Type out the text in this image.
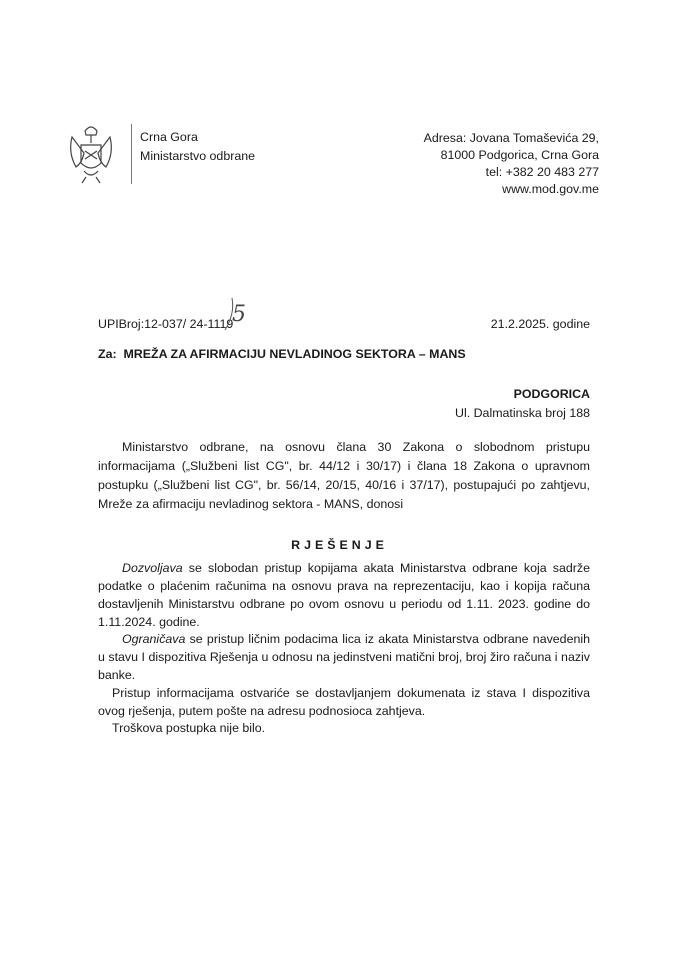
Crna Gora
Ministarstvo odbrane
Adresa: Jovana Tomaševića 29,
81000 Podgorica, Crna Gora
tel: +382 20 483 277
www.mod.gov.me
UPIBroj:12-037/ 24-1119
5	21.2.2025. godine
Za: MREŽA ZA AFIRMACIJU NEVLADINOG SEKTORA – MANS
PODGORICA
Ul. Dalmatinska broj 188
Ministarstvo odbrane, na osnovu člana 30 Zakona o slobodnom pristupu
informacijama („Službeni list CG", br. 44/12 i 30/17) i člana 18 Zakona o upravnom
postupku („Službeni list CG", br. 56/14, 20/15, 40/16 i 37/17), postupajući po zahtjevu,
Mreže za afirmaciju nevladinog sektora - MANS, donosi
RJEŠENJE
Dozvoljava se slobodan pristup kopijama akata Ministarstva odbrane koja sadrže
podatke o plaćenim računima na osnovu prava na reprezentaciju, kao i kopija računa
dostavljenih Ministarstvu odbrane po ovom osnovu u periodu od 1.11. 2023. godine do
1.11.2024. godine.
Ograničava se pristup ličnim podacima lica iz akata Ministarstva odbrane navedenih
u stavu I dispozitiva Rješenja u odnosu na jedinstveni matični broj, broj žiro računa i naziv
banke.
Pristup informacijama ostvariće se dostavljanjem dokumenata iz stava I dispozitiva
ovog rješenja, putem pošte na adresu podnosioca zahtjeva.
Troškova postupka nije bilo.
